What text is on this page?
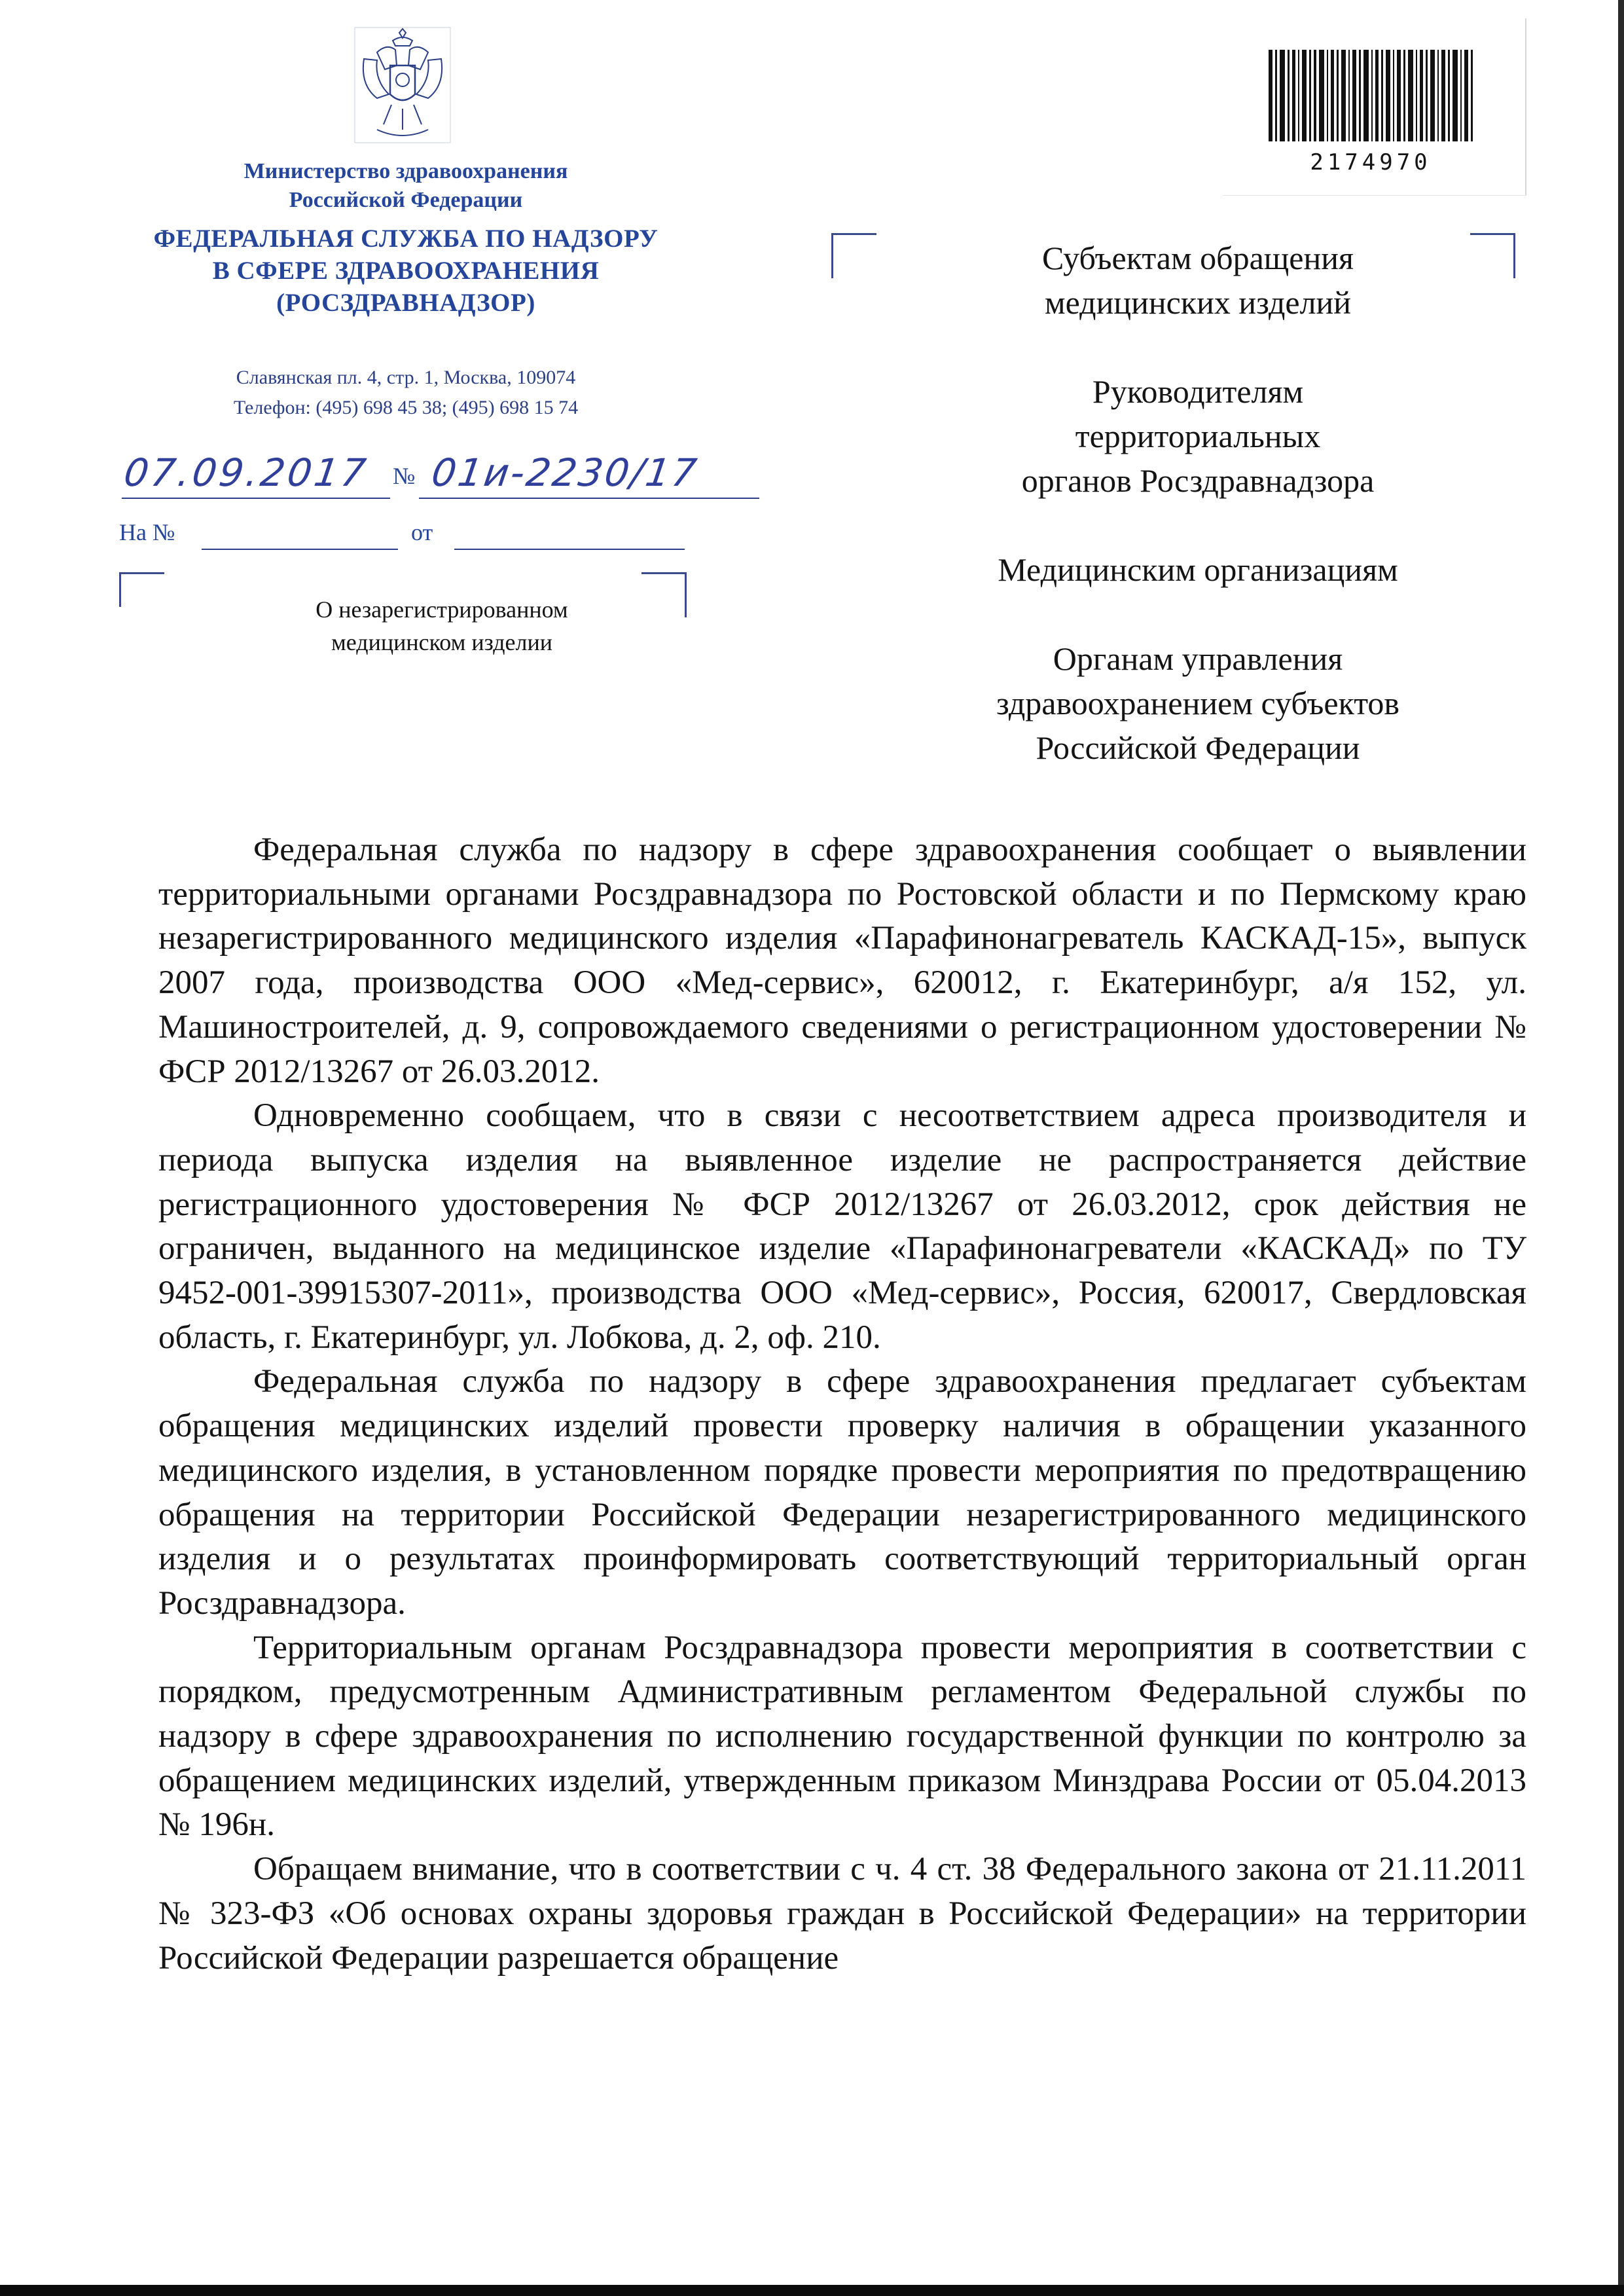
Министерство здравоохранения
Российской Федерации
ФЕДЕРАЛЬНАЯ СЛУЖБА ПО НАДЗОРУ
В СФЕРЕ ЗДРАВООХРАНЕНИЯ
(РОСЗДРАВНАДЗОР)
Славянская пл. 4, стр. 1, Москва, 109074
Телефон: (495) 698 45 38; (495) 698 15 74
07.09.2017 № 01и-2230/17
На №	от
О незарегистрированном
медицинском изделии
2174970
Субъектам обращения
медицинских изделий
Руководителям
территориальных
органов Росздравнадзора
Медицинским организациям
Органам управления
здравоохранением субъектов
Российской Федерации

Федеральная служба по надзору в сфере здравоохранения сообщает о выявлении территориальными органами Росздравнадзора по Ростовской области и по Пермскому краю незарегистрированного медицинского изделия «Парафинонагреватель КАСКАД-15», выпуск 2007 года, производства ООО «Мед-сервис», 620012, г. Екатеринбург, а/я 152, ул. Машиностроителей, д. 9, сопровождаемого сведениями о регистрационном удостоверении № ФСР 2012/13267 от 26.03.2012.

Одновременно сообщаем, что в связи с несоответствием адреса производителя и периода выпуска изделия на выявленное изделие не распространяется действие регистрационного удостоверения № ФСР 2012/13267 от 26.03.2012, срок действия не ограничен, выданного на медицинское изделие «Парафинонагреватели «КАСКАД» по ТУ 9452-001-39915307-2011», производства ООО «Мед-сервис», Россия, 620017, Свердловская область, г. Екатеринбург, ул. Лобкова, д. 2, оф. 210.

Федеральная служба по надзору в сфере здравоохранения предлагает субъектам обращения медицинских изделий провести проверку наличия в обращении указанного медицинского изделия, в установленном порядке провести мероприятия по предотвращению обращения на территории Российской Федерации незарегистрированного медицинского изделия и о результатах проинформировать соответствующий территориальный орган Росздравнадзора.

Территориальным органам Росздравнадзора провести мероприятия в соответствии с порядком, предусмотренным Административным регламентом Федеральной службы по надзору в сфере здравоохранения по исполнению государственной функции по контролю за обращением медицинских изделий, утвержденным приказом Минздрава России от 05.04.2013 № 196н.

Обращаем внимание, что в соответствии с ч. 4 ст. 38 Федерального закона от 21.11.2011 № 323-ФЗ «Об основах охраны здоровья граждан в Российской Федерации» на территории Российской Федерации разрешается обращение
